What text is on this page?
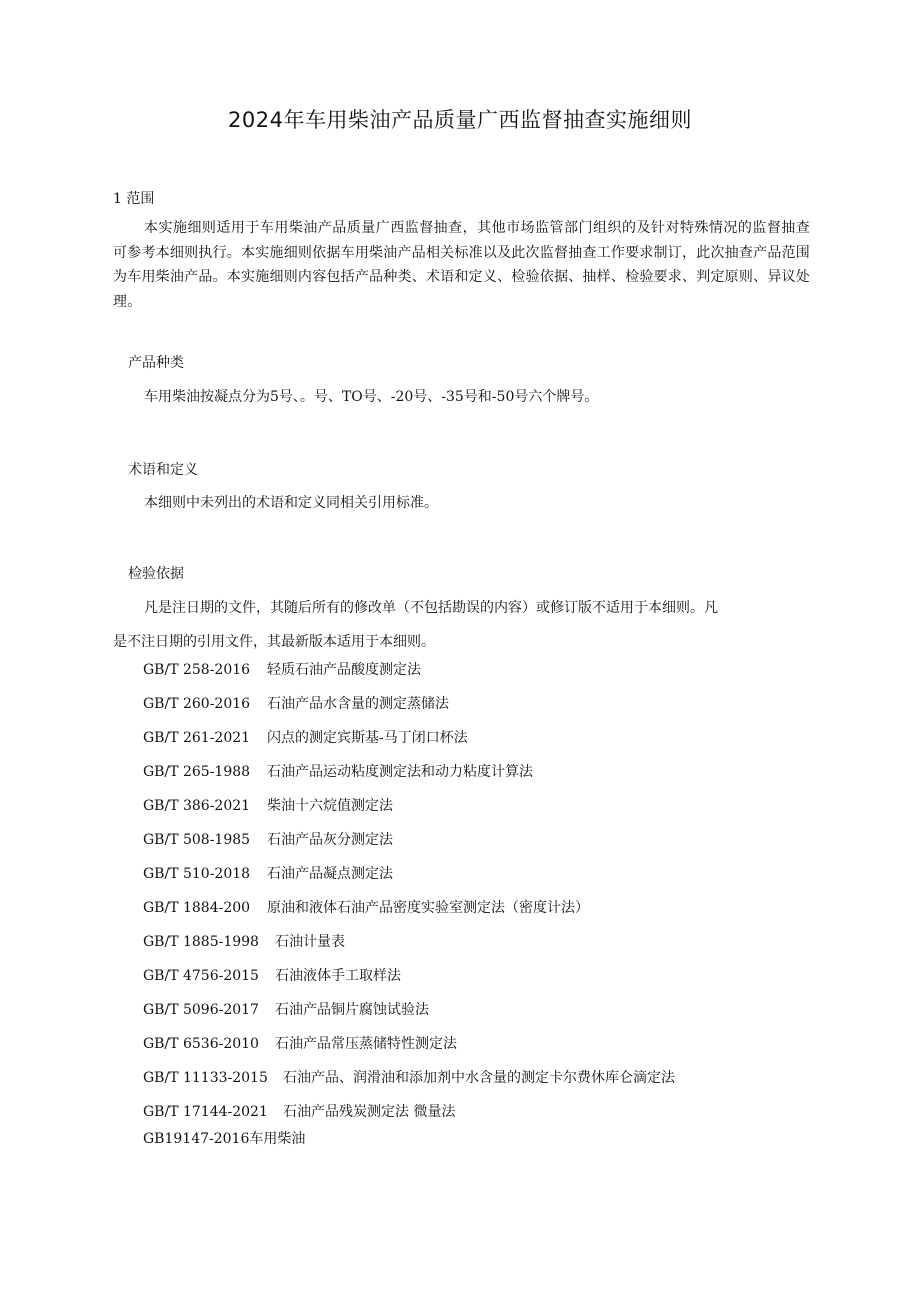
2024年车用柴油产品质量广西监督抽查实施细则
1 范围
本实施细则适用于车用柴油产品质量广西监督抽查，其他市场监管部门组织的及针对特殊情况的监督抽查可参考本细则执行。本实施细则依据车用柴油产品相关标准以及此次监督抽查工作要求制订，此次抽查产品范围为车用柴油产品。本实施细则内容包括产品种类、术语和定义、检验依据、抽样、检验要求、判定原则、异议处理。
产品种类
车用柴油按凝点分为5号、。号、TO号、-20号、-35号和-50号六个牌号。
术语和定义
本细则中未列出的术语和定义同相关引用标准。
检验依据
凡是注日期的文件，其随后所有的修改单（不包括勘误的内容）或修订版不适用于本细则。凡
是不注日期的引用文件，其最新版本适用于本细则。
GB/T 258-2016 轻质石油产品酸度测定法
GB/T 260-2016 石油产品水含量的测定蒸储法
GB/T 261-2021 闪点的测定宾斯基-马丁闭口杯法
GB/T 265-1988 石油产品运动粘度测定法和动力粘度计算法
GB/T 386-2021 柴油十六烷值测定法
GB/T 508-1985 石油产品灰分测定法
GB/T 510-2018 石油产品凝点测定法
GB/T 1884-200 原油和液体石油产品密度实验室测定法（密度计法）
GB/T 1885-1998 石油计量表
GB/T 4756-2015 石油液体手工取样法
GB/T 5096-2017 石油产品铜片腐蚀试验法
GB/T 6536-2010 石油产品常压蒸储特性测定法
GB/T 11133-2015 石油产品、润滑油和添加剂中水含量的测定卡尔费休库仑滴定法
GB/T 17144-2021 石油产品残炭测定法 微量法
GB19147-2016车用柴油
